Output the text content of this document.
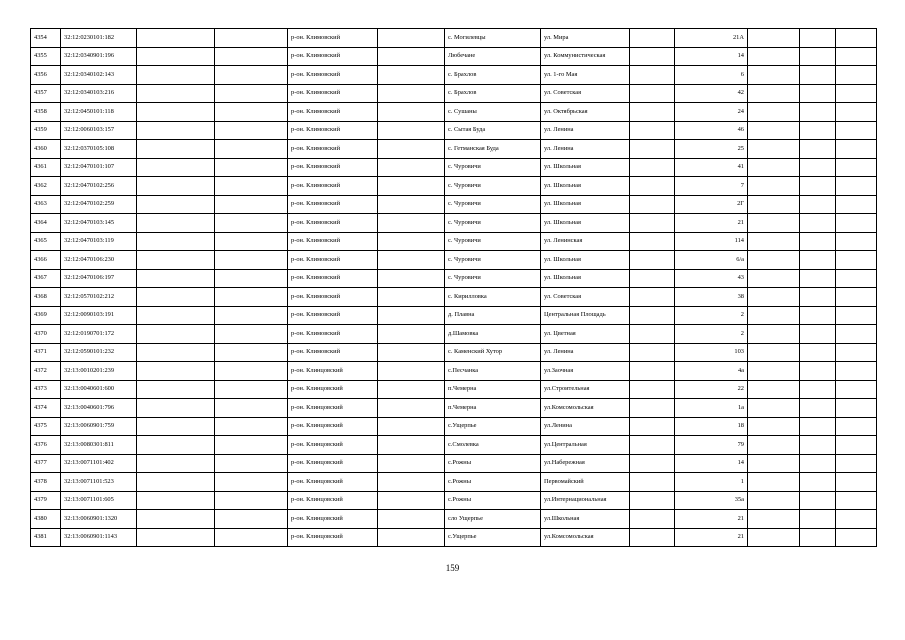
4354	32:12:0230101:182			р-он. Климовский		с. Могилевцы	ул. Мира		21А			
4355	32:12:0340901:196			р-он. Климовский		Любечане	ул. Коммунистическая		14			
4356	32:12:0340102:143			р-он. Климовский		с. Брахлов	ул. 1-го Мая		6			
4357	32:12:0340103:216			р-он. Климовский		с. Брахлов	ул. Советская		42			
4358	32:12:0450101:118			р-он. Климовский		с. Сушаны	ул. Октябрьская		24			
4359	32:12:0060103:157			р-он. Климовский		с. Сытая Буда	ул. Ленина		46			
4360	32:12:0370105:108			р-он. Климовский		с. Гетманская Буда	ул. Ленина		25			
4361	32:12:0470101:107			р-он. Климовский		с. Чуровичи	ул. Школьная		41			
4362	32:12:0470102:256			р-он. Климовский		с. Чуровичи	ул. Школьная		7			
4363	32:12:0470102:259			р-он. Климовский		с. Чуровичи	ул. Школьная		2Г			
4364	32:12:0470103:145			р-он. Климовский		с. Чуровичи	ул. Школьная		21			
4365	32:12:0470103:119			р-он. Климовский		с. Чуровичи	ул. Ленинская		114			
4366	32:12:0470106:230			р-он. Климовский		с. Чуровичи	ул. Школьная		6/а			
4367	32:12:0470106:197			р-он. Климовский		с. Чуровичи	ул. Школьная		43			
4368	32:12:0570102:212			р-он. Климовский		с. Кирилловка	ул. Советская		38			
4369	32:12:0090103:191			р-он. Климовский		д. Плавна	Центральная Площадь		2			
4370	32:12:0190701:172			р-он. Климовский		д.Шамовка	ул. Цветная		2			
4371	32:12:0590101:232			р-он. Климовский		с. Каменский Хутор	ул. Ленина		103			
4372	32:13:0010201:239			р-он. Клинцовский		с.Песчанка	ул.Заочная		4а			
4373	32:13:0040601:600			р-он. Клинцовский		п.Чемерна	ул.Строительная		22			
4374	32:13:0040601:796			р-он. Клинцовский		п.Чемерна	ул.Комсомольская		1а			
4375	32:13:0060901:759			р-он. Клинцовский		с.Ущерпье	ул.Ленина		18			
4376	32:13:0080301:811			р-он. Клинцовский		с.Смолевка	ул.Центральная		79			
4377	32:13:0071101:402			р-он. Клинцовский		с.Рожны	ул.Набережная		14			
4378	32:13:0071101:523			р-он. Клинцовский		с.Рожны	Первомайский		1			
4379	32:13:0071101:605			р-он. Клинцовский		с.Рожны	ул.Интернациональная		35а			
4380	32:13:0060901:1320			р-он. Клинцовский		сло Ущерпье	ул.Школьная		21			
4381	32:13:0060901:1143			р-он. Клинцовский		с.Ущерпье	ул.Комсомольская		21			
159
